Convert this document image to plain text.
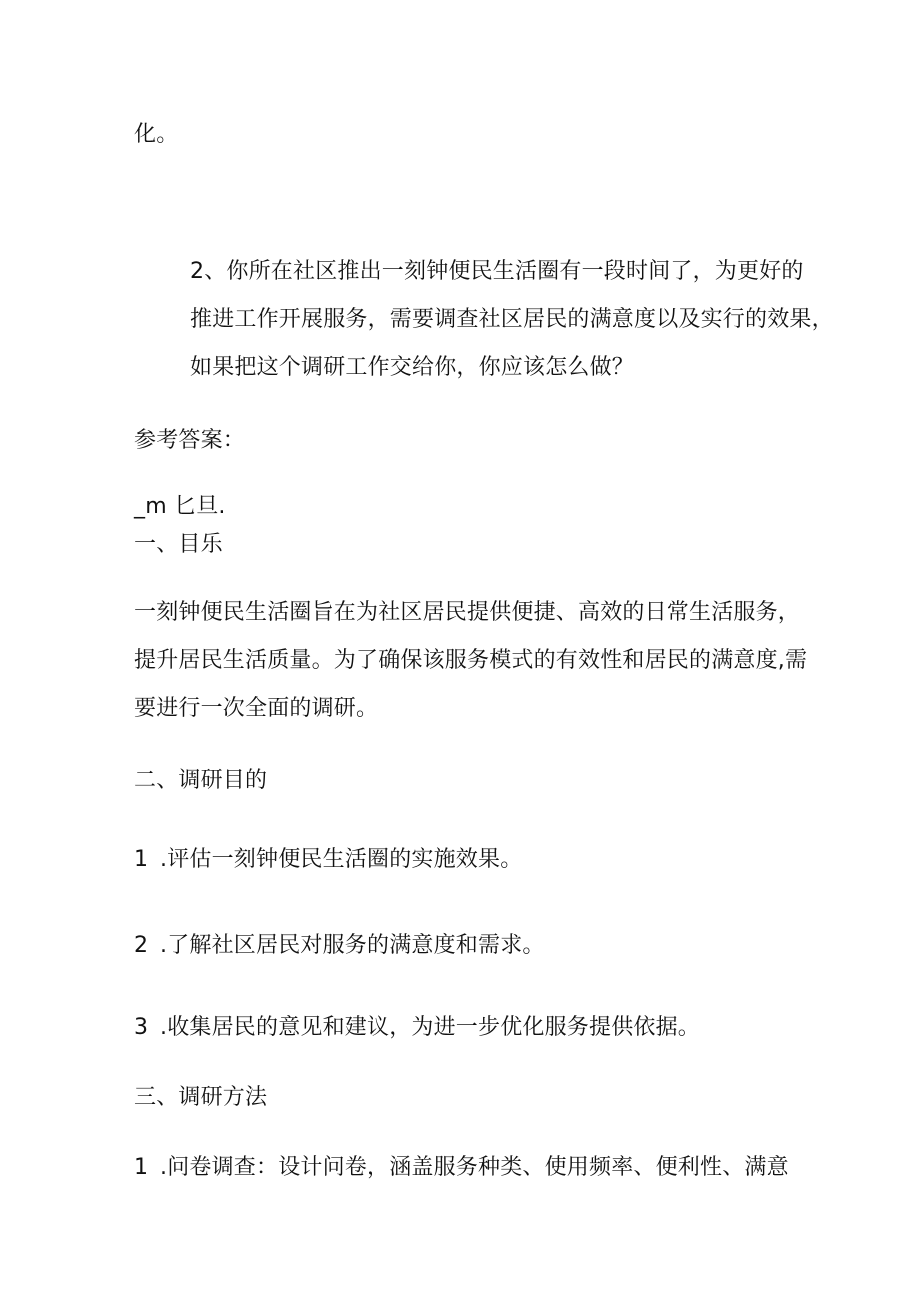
化。
2、你所在社区推出一刻钟便民生活圈有一段时间了，为更好的
推进工作开展服务，需要调查社区居民的满意度以及实行的效果，
如果把这个调研工作交给你，你应该怎么做？
参考答案：
_m 匕旦.
一、目乐
一刻钟便民生活圈旨在为社区居民提供便捷、高效的日常生活服务，
提升居民生活质量。为了确保该服务模式的有效性和居民的满意度,需
要进行一次全面的调研。
二、调研目的
1 .评估一刻钟便民生活圈的实施效果。
2 .了解社区居民对服务的满意度和需求。
3 .收集居民的意见和建议，为进一步优化服务提供依据。
三、调研方法
1 .问卷调查：设计问卷，涵盖服务种类、使用频率、便利性、满意
